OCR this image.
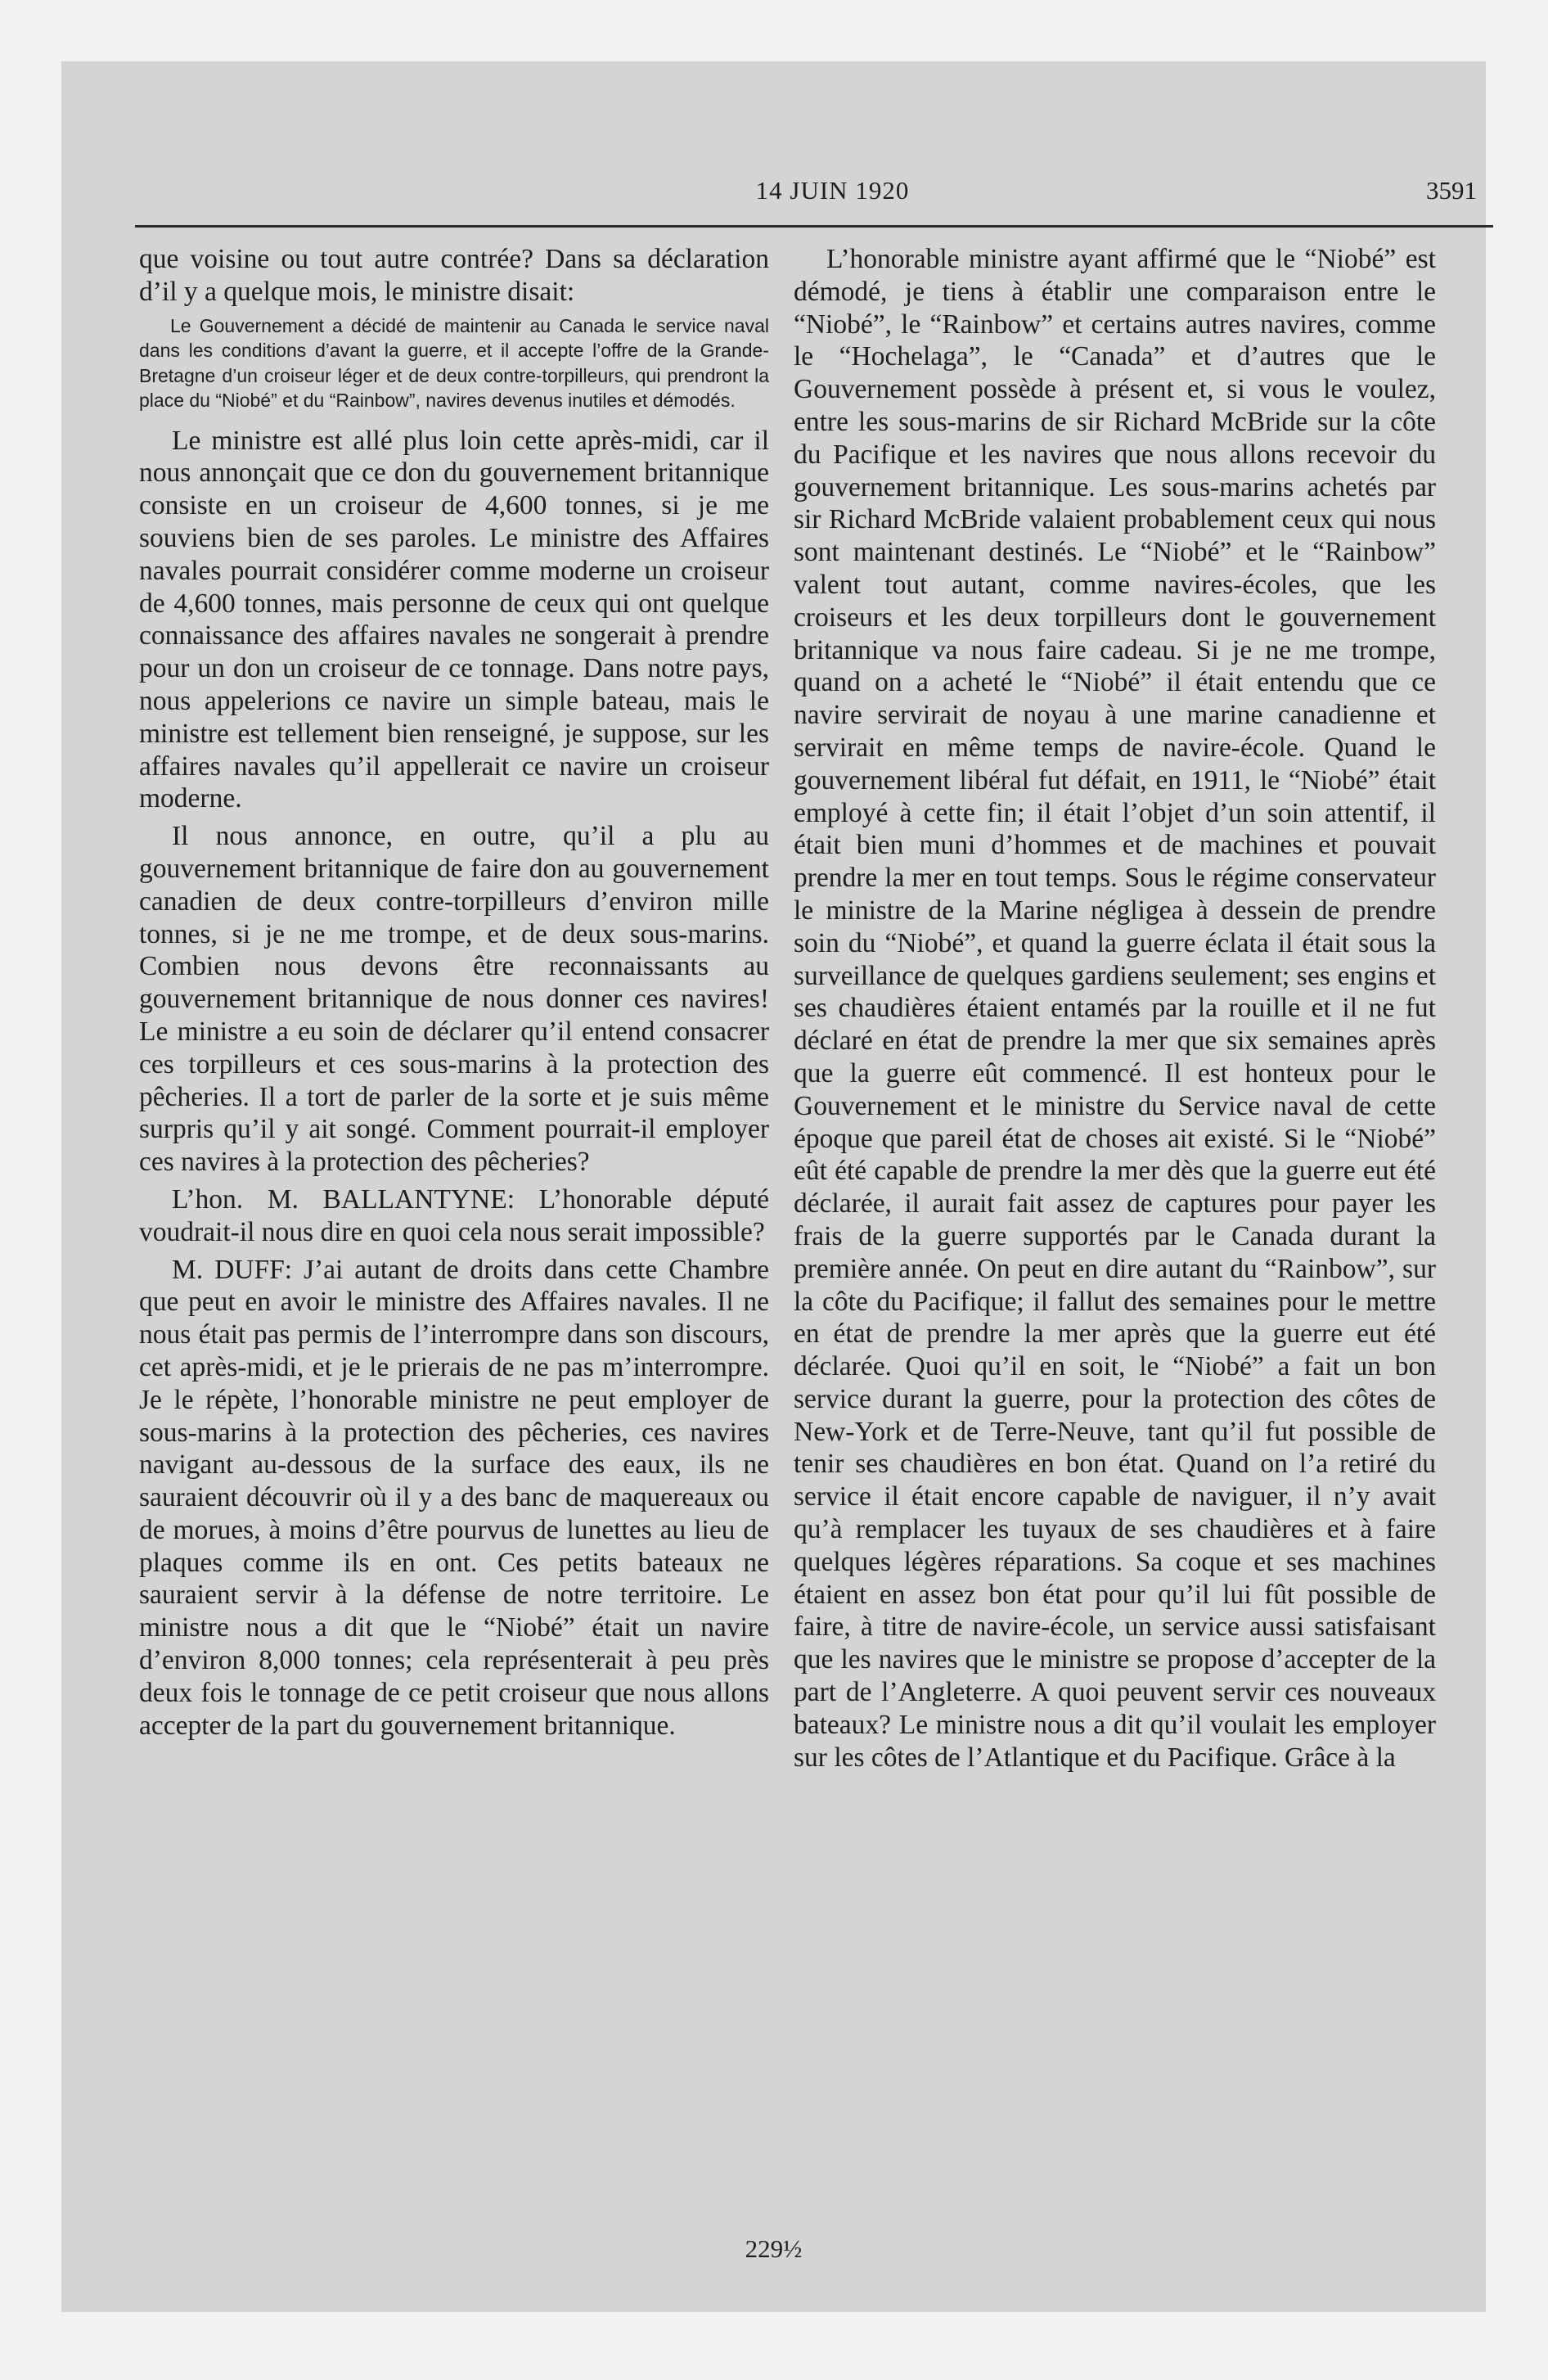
14 JUIN 1920	3591

que voisine ou tout autre contrée? Dans sa déclaration d’il y a quelque mois, le ministre disait:

Le Gouvernement a décidé de maintenir au Canada le service naval dans les conditions d’avant la guerre, et il accepte l’offre de la Grande-Bretagne d’un croiseur léger et de deux contre-torpilleurs, qui prendront la place du “Niobé” et du “Rainbow”, navires devenus inutiles et démodés.

Le ministre est allé plus loin cette après-midi, car il nous annonçait que ce don du gouvernement britannique consiste en un croiseur de 4,600 tonnes, si je me souviens bien de ses paroles. Le ministre des Affaires navales pourrait considérer comme moderne un croiseur de 4,600 tonnes, mais personne de ceux qui ont quelque connaissance des affaires navales ne songerait à prendre pour un don un croiseur de ce tonnage. Dans notre pays, nous appelerions ce navire un simple bateau, mais le ministre est tellement bien renseigné, je suppose, sur les affaires navales qu’il appellerait ce navire un croiseur moderne.

Il nous annonce, en outre, qu’il a plu au gouvernement britannique de faire don au gouvernement canadien de deux contre-torpilleurs d’environ mille tonnes, si je ne me trompe, et de deux sous-marins. Combien nous devons être reconnaissants au gouvernement britannique de nous donner ces navires! Le ministre a eu soin de déclarer qu’il entend consacrer ces torpilleurs et ces sous-marins à la protection des pêcheries. Il a tort de parler de la sorte et je suis même surpris qu’il y ait songé. Comment pourrait-il employer ces navires à la protection des pêcheries?

L’hon. M. BALLANTYNE: L’honorable député voudrait-il nous dire en quoi cela nous serait impossible?

M. DUFF: J’ai autant de droits dans cette Chambre que peut en avoir le ministre des Affaires navales. Il ne nous était pas permis de l’interrompre dans son discours, cet après-midi, et je le prierais de ne pas m’interrompre. Je le répète, l’honorable ministre ne peut employer de sous-marins à la protection des pêcheries, ces navires navigant au-dessous de la surface des eaux, ils ne sauraient découvrir où il y a des banc de maquereaux ou de morues, à moins d’être pourvus de lunettes au lieu de plaques comme ils en ont. Ces petits bateaux ne sauraient servir à la défense de notre territoire. Le ministre nous a dit que le “Niobé” était un navire d’environ 8,000 tonnes; cela représenterait à peu près deux fois le tonnage de ce petit croiseur que nous allons accepter de la part du gouvernement britannique.

L’honorable ministre ayant affirmé que le “Niobé” est démodé, je tiens à établir une comparaison entre le “Niobé”, le “Rainbow” et certains autres navires, comme le “Hochelaga”, le “Canada” et d’autres que le Gouvernement possède à présent et, si vous le voulez, entre les sous-marins de sir Richard McBride sur la côte du Pacifique et les navires que nous allons recevoir du gouvernement britannique. Les sous-marins achetés par sir Richard McBride valaient probablement ceux qui nous sont maintenant destinés. Le “Niobé” et le “Rainbow” valent tout autant, comme navires-écoles, que les croiseurs et les deux torpilleurs dont le gouvernement britannique va nous faire cadeau. Si je ne me trompe, quand on a acheté le “Niobé” il était entendu que ce navire servirait de noyau à une marine canadienne et servirait en même temps de navire-école. Quand le gouvernement libéral fut défait, en 1911, le “Niobé” était employé à cette fin; il était l’objet d’un soin attentif, il était bien muni d’hommes et de machines et pouvait prendre la mer en tout temps. Sous le régime conservateur le ministre de la Marine négligea à dessein de prendre soin du “Niobé”, et quand la guerre éclata il était sous la surveillance de quelques gardiens seulement; ses engins et ses chaudières étaient entamés par la rouille et il ne fut déclaré en état de prendre la mer que six semaines après que la guerre eût commencé. Il est honteux pour le Gouvernement et le ministre du Service naval de cette époque que pareil état de choses ait existé. Si le “Niobé” eût été capable de prendre la mer dès que la guerre eut été déclarée, il aurait fait assez de captures pour payer les frais de la guerre supportés par le Canada durant la première année. On peut en dire autant du “Rainbow”, sur la côte du Pacifique; il fallut des semaines pour le mettre en état de prendre la mer après que la guerre eut été déclarée. Quoi qu’il en soit, le “Niobé” a fait un bon service durant la guerre, pour la protection des côtes de New-York et de Terre-Neuve, tant qu’il fut possible de tenir ses chaudières en bon état. Quand on l’a retiré du service il était encore capable de naviguer, il n’y avait qu’à remplacer les tuyaux de ses chaudières et à faire quelques légères réparations. Sa coque et ses machines étaient en assez bon état pour qu’il lui fût possible de faire, à titre de navire-école, un service aussi satisfaisant que les navires que le ministre se propose d’accepter de la part de l’Angleterre. A quoi peuvent servir ces nouveaux bateaux? Le ministre nous a dit qu’il voulait les employer sur les côtes de l’Atlantique et du Pacifique. Grâce à la

229½
